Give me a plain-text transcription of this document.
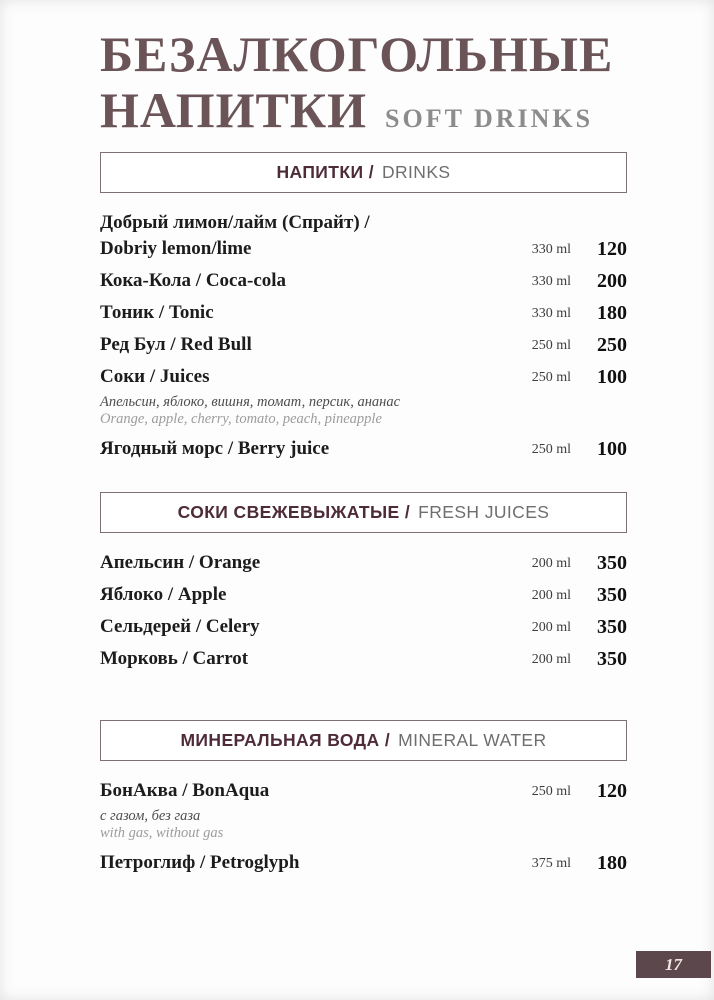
БЕЗАЛКОГОЛЬНЫЕ
НАПИТКИ SOFT DRINKS
НАПИТКИ / DRINKS
Добрый лимон/лайм (Спрайт) /
Dobriy lemon/lime	330 ml	120
Кока-Кола / Coca-cola	330 ml	200
Тоник / Tonic	330 ml	180
Ред Бул / Red Bull	250 ml	250
Соки / Juices	250 ml	100
Апельсин, яблоко, вишня, томат, персик, ананас
Orange, apple, cherry, tomato, peach, pineapple
Ягодный морс / Berry juice	250 ml	100
СОКИ СВЕЖЕВЫЖАТЫЕ / FRESH JUICES
Апельсин / Orange	200 ml	350
Яблоко / Apple	200 ml	350
Сельдерей / Celery	200 ml	350
Морковь / Carrot	200 ml	350
МИНЕРАЛЬНАЯ ВОДА / MINERAL WATER
БонАква / BonAqua	250 ml	120
с газом, без газа
with gas, without gas
Петроглиф / Petroglyph	375 ml	180
17
